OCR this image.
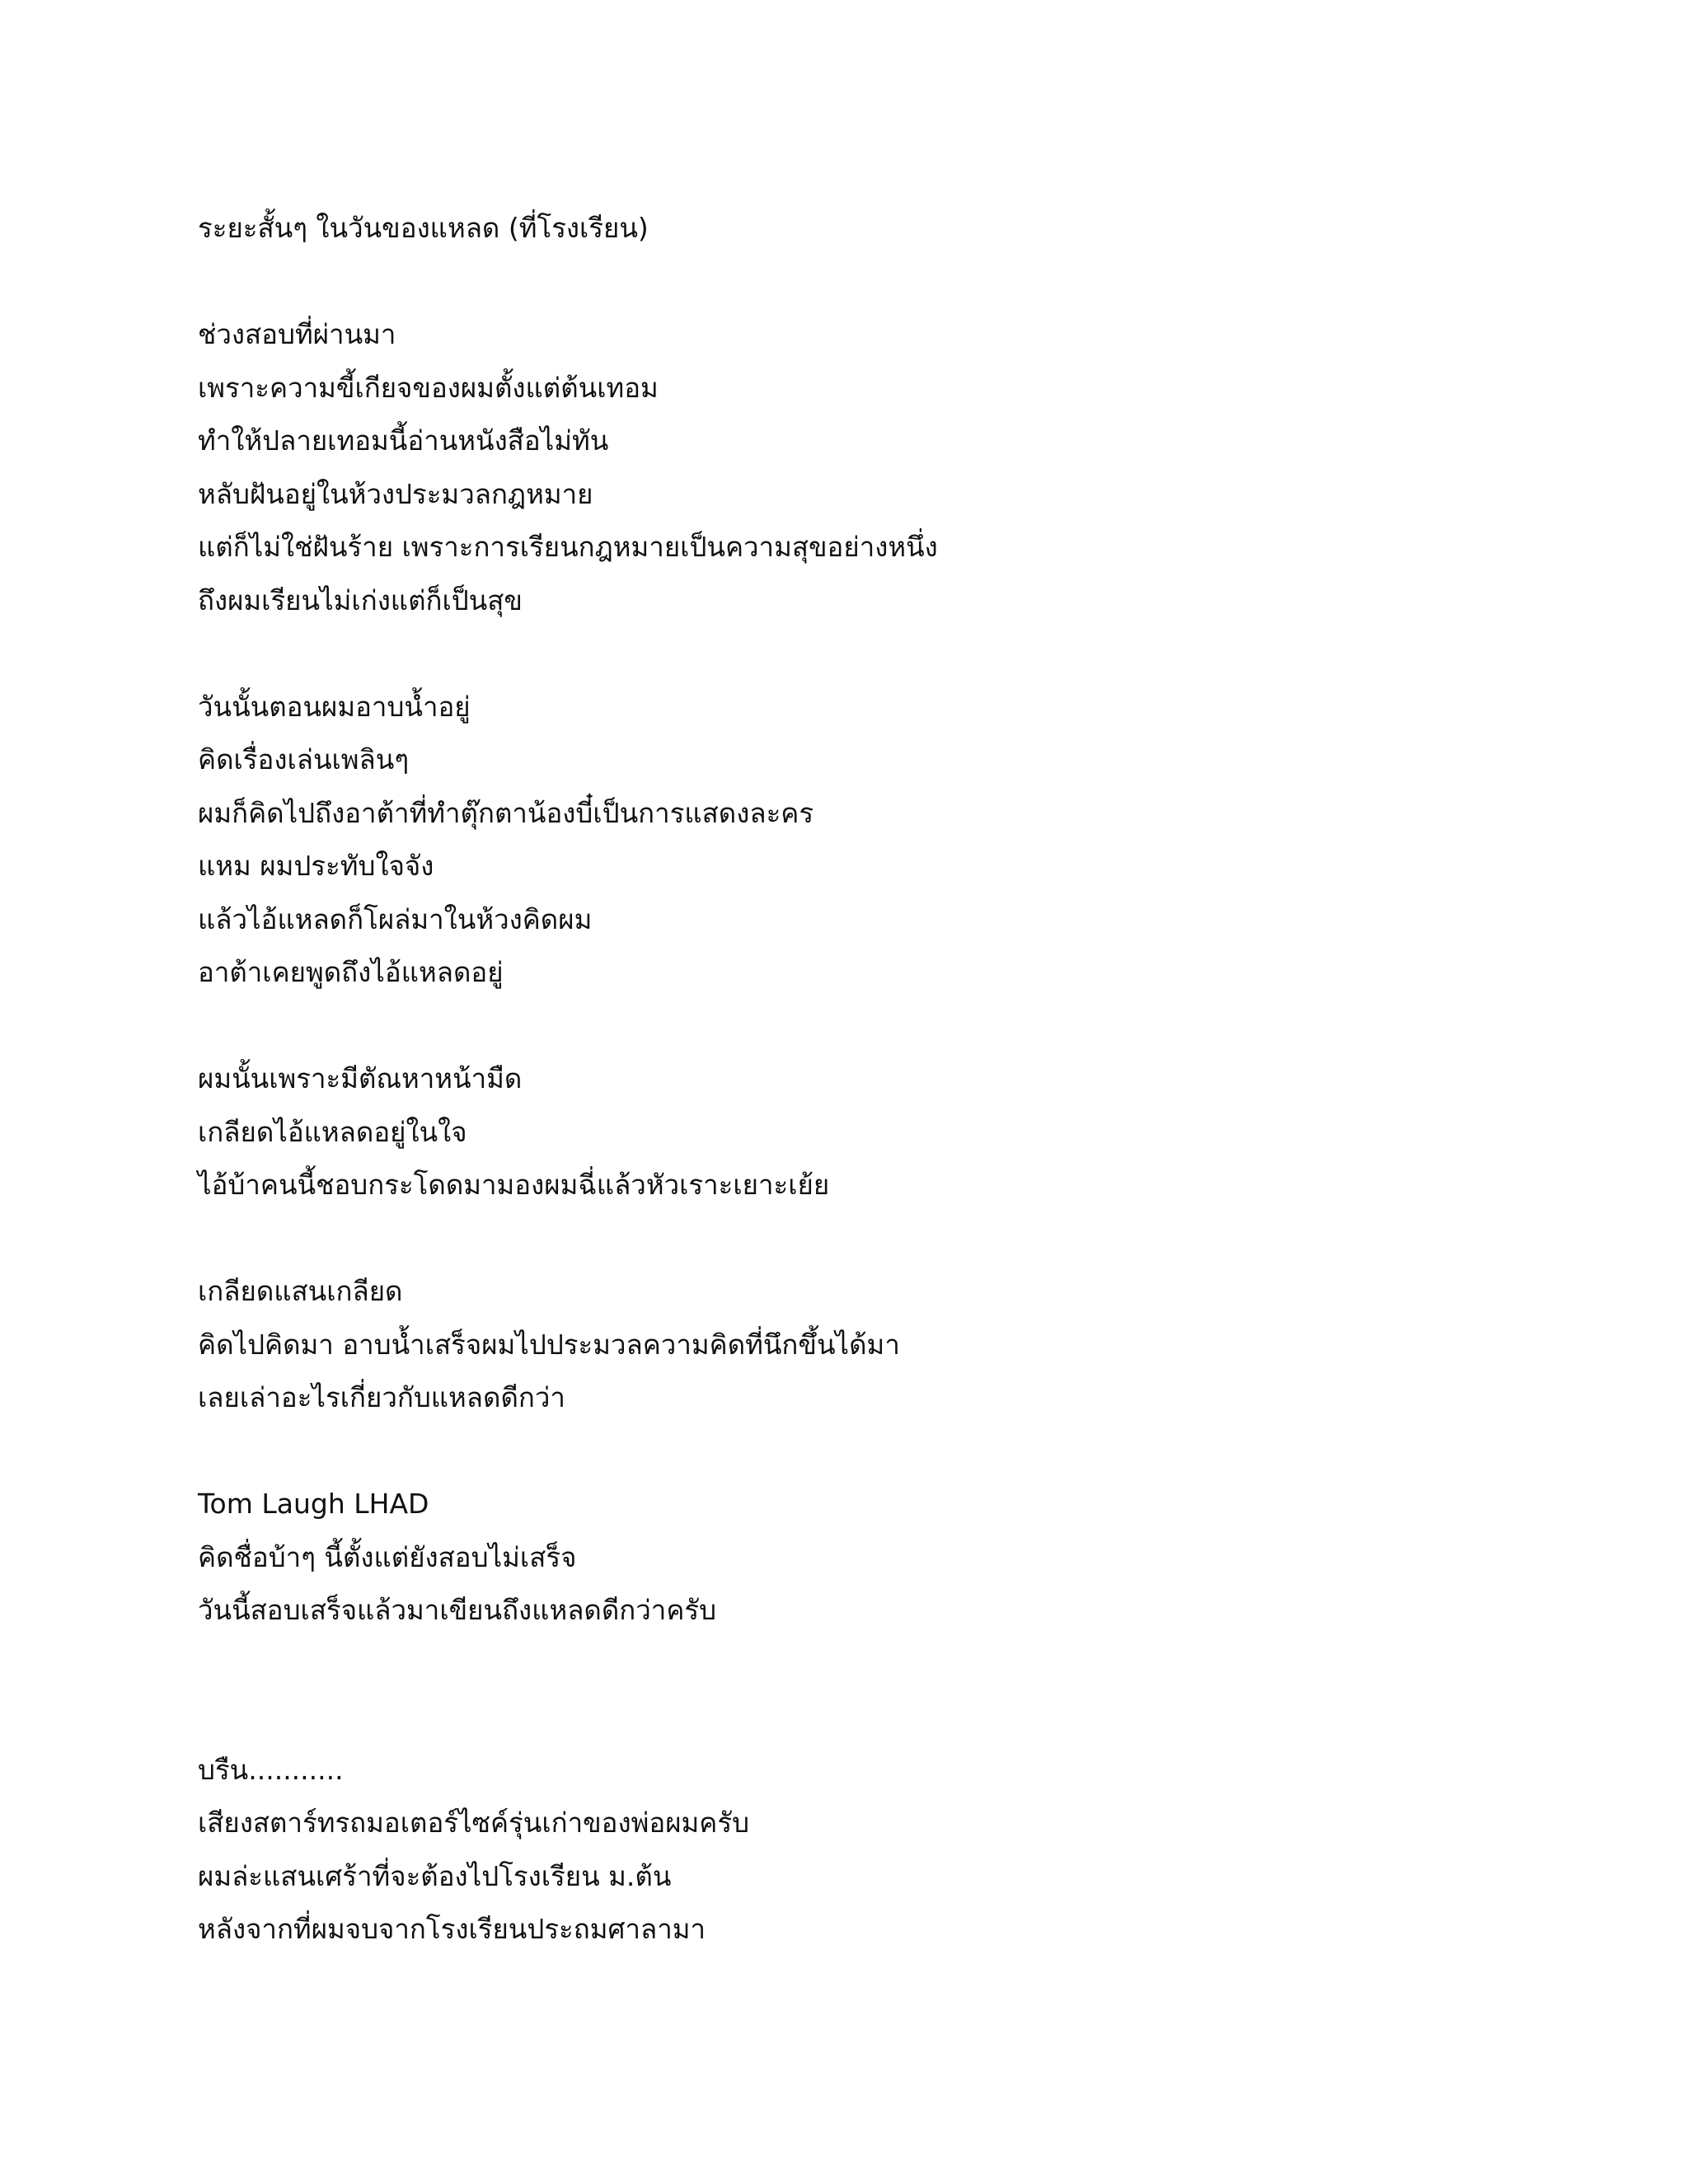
ระยะสั้นๆ ในวันของแหลด (ที่โรงเรียน)
ช่วงสอบที่ผ่านมา
เพราะความขี้เกียจของผมตั้งแต่ต้นเทอม
ทำให้ปลายเทอมนี้อ่านหนังสือไม่ทัน
หลับฝันอยู่ในห้วงประมวลกฎหมาย
แต่ก็ไม่ใช่ฝันร้าย เพราะการเรียนกฎหมายเป็นความสุขอย่างหนึ่ง
ถึงผมเรียนไม่เก่งแต่ก็เป็นสุข
วันนั้นตอนผมอาบน้ำอยู่
คิดเรื่องเล่นเพลินๆ
ผมก็คิดไปถึงอาต้าที่ทำตุ๊กตาน้องบี๋เป็นการแสดงละคร
แหม ผมประทับใจจัง
แล้วไอ้แหลดก็โผล่มาในห้วงคิดผม
อาต้าเคยพูดถึงไอ้แหลดอยู่
ผมนั้นเพราะมีตัณหาหน้ามืด
เกลียดไอ้แหลดอยู่ในใจ
ไอ้บ้าคนนี้ชอบกระโดดมามองผมฉี่แล้วหัวเราะเยาะเย้ย
เกลียดแสนเกลียด
คิดไปคิดมา อาบน้ำเสร็จผมไปประมวลความคิดที่นึกขึ้นได้มา
เลยเล่าอะไรเกี่ยวกับแหลดดีกว่า
Tom Laugh LHAD
คิดชื่อบ้าๆ นี้ตั้งแต่ยังสอบไม่เสร็จ
วันนี้สอบเสร็จแล้วมาเขียนถึงแหลดดีกว่าครับ
บรืน...........
เสียงสตาร์ทรถมอเตอร์ไซค์รุ่นเก่าของพ่อผมครับ
ผมล่ะแสนเศร้าที่จะต้องไปโรงเรียน ม.ต้น
หลังจากที่ผมจบจากโรงเรียนประถมศาลามา
